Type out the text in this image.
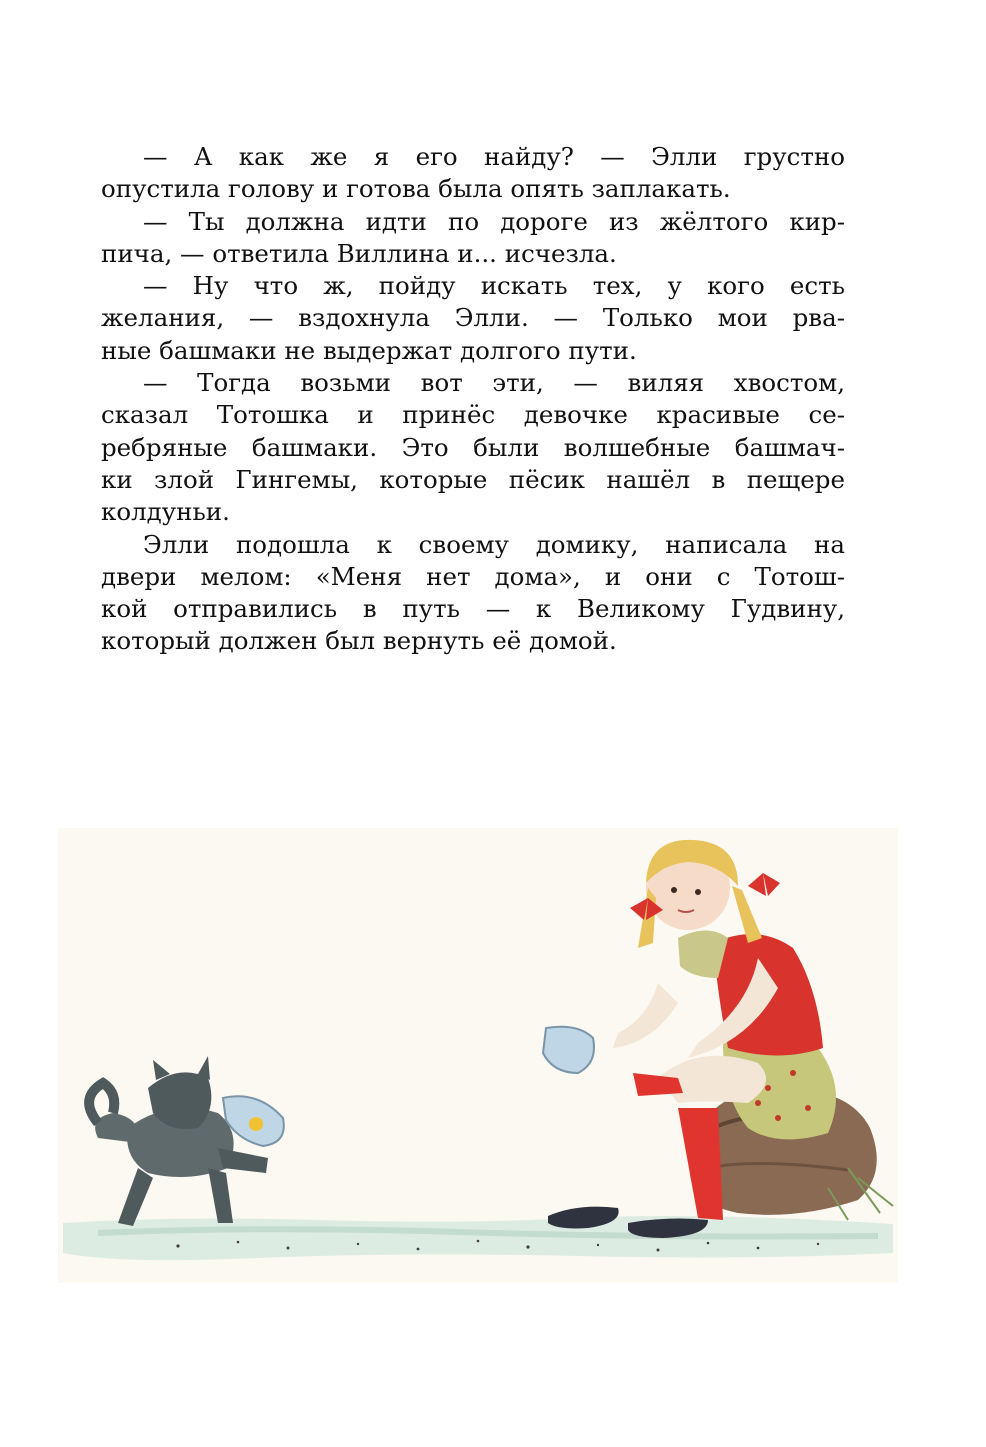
— А как же я его найду? — Элли грустно
опустила голову и готова была опять заплакать.
— Ты должна идти по дороге из жёлтого кир-
пича, — ответила Виллина и... исчезла.
— Ну что ж, пойду искать тех, у кого есть
желания, — вздохнула Элли. — Только мои рва-
ные башмаки не выдержат долгого пути.
— Тогда возьми вот эти, — виляя хвостом,
сказал Тотошка и принёс девочке красивые се-
ребряные башмаки. Это были волшебные башмач-
ки злой Гингемы, которые пёсик нашёл в пещере
колдуньи.
Элли подошла к своему домику, написала на
двери мелом: «Меня нет дома», и они с Тотош-
кой отправились в путь — к Великому Гудвину,
который должен был вернуть её домой.
